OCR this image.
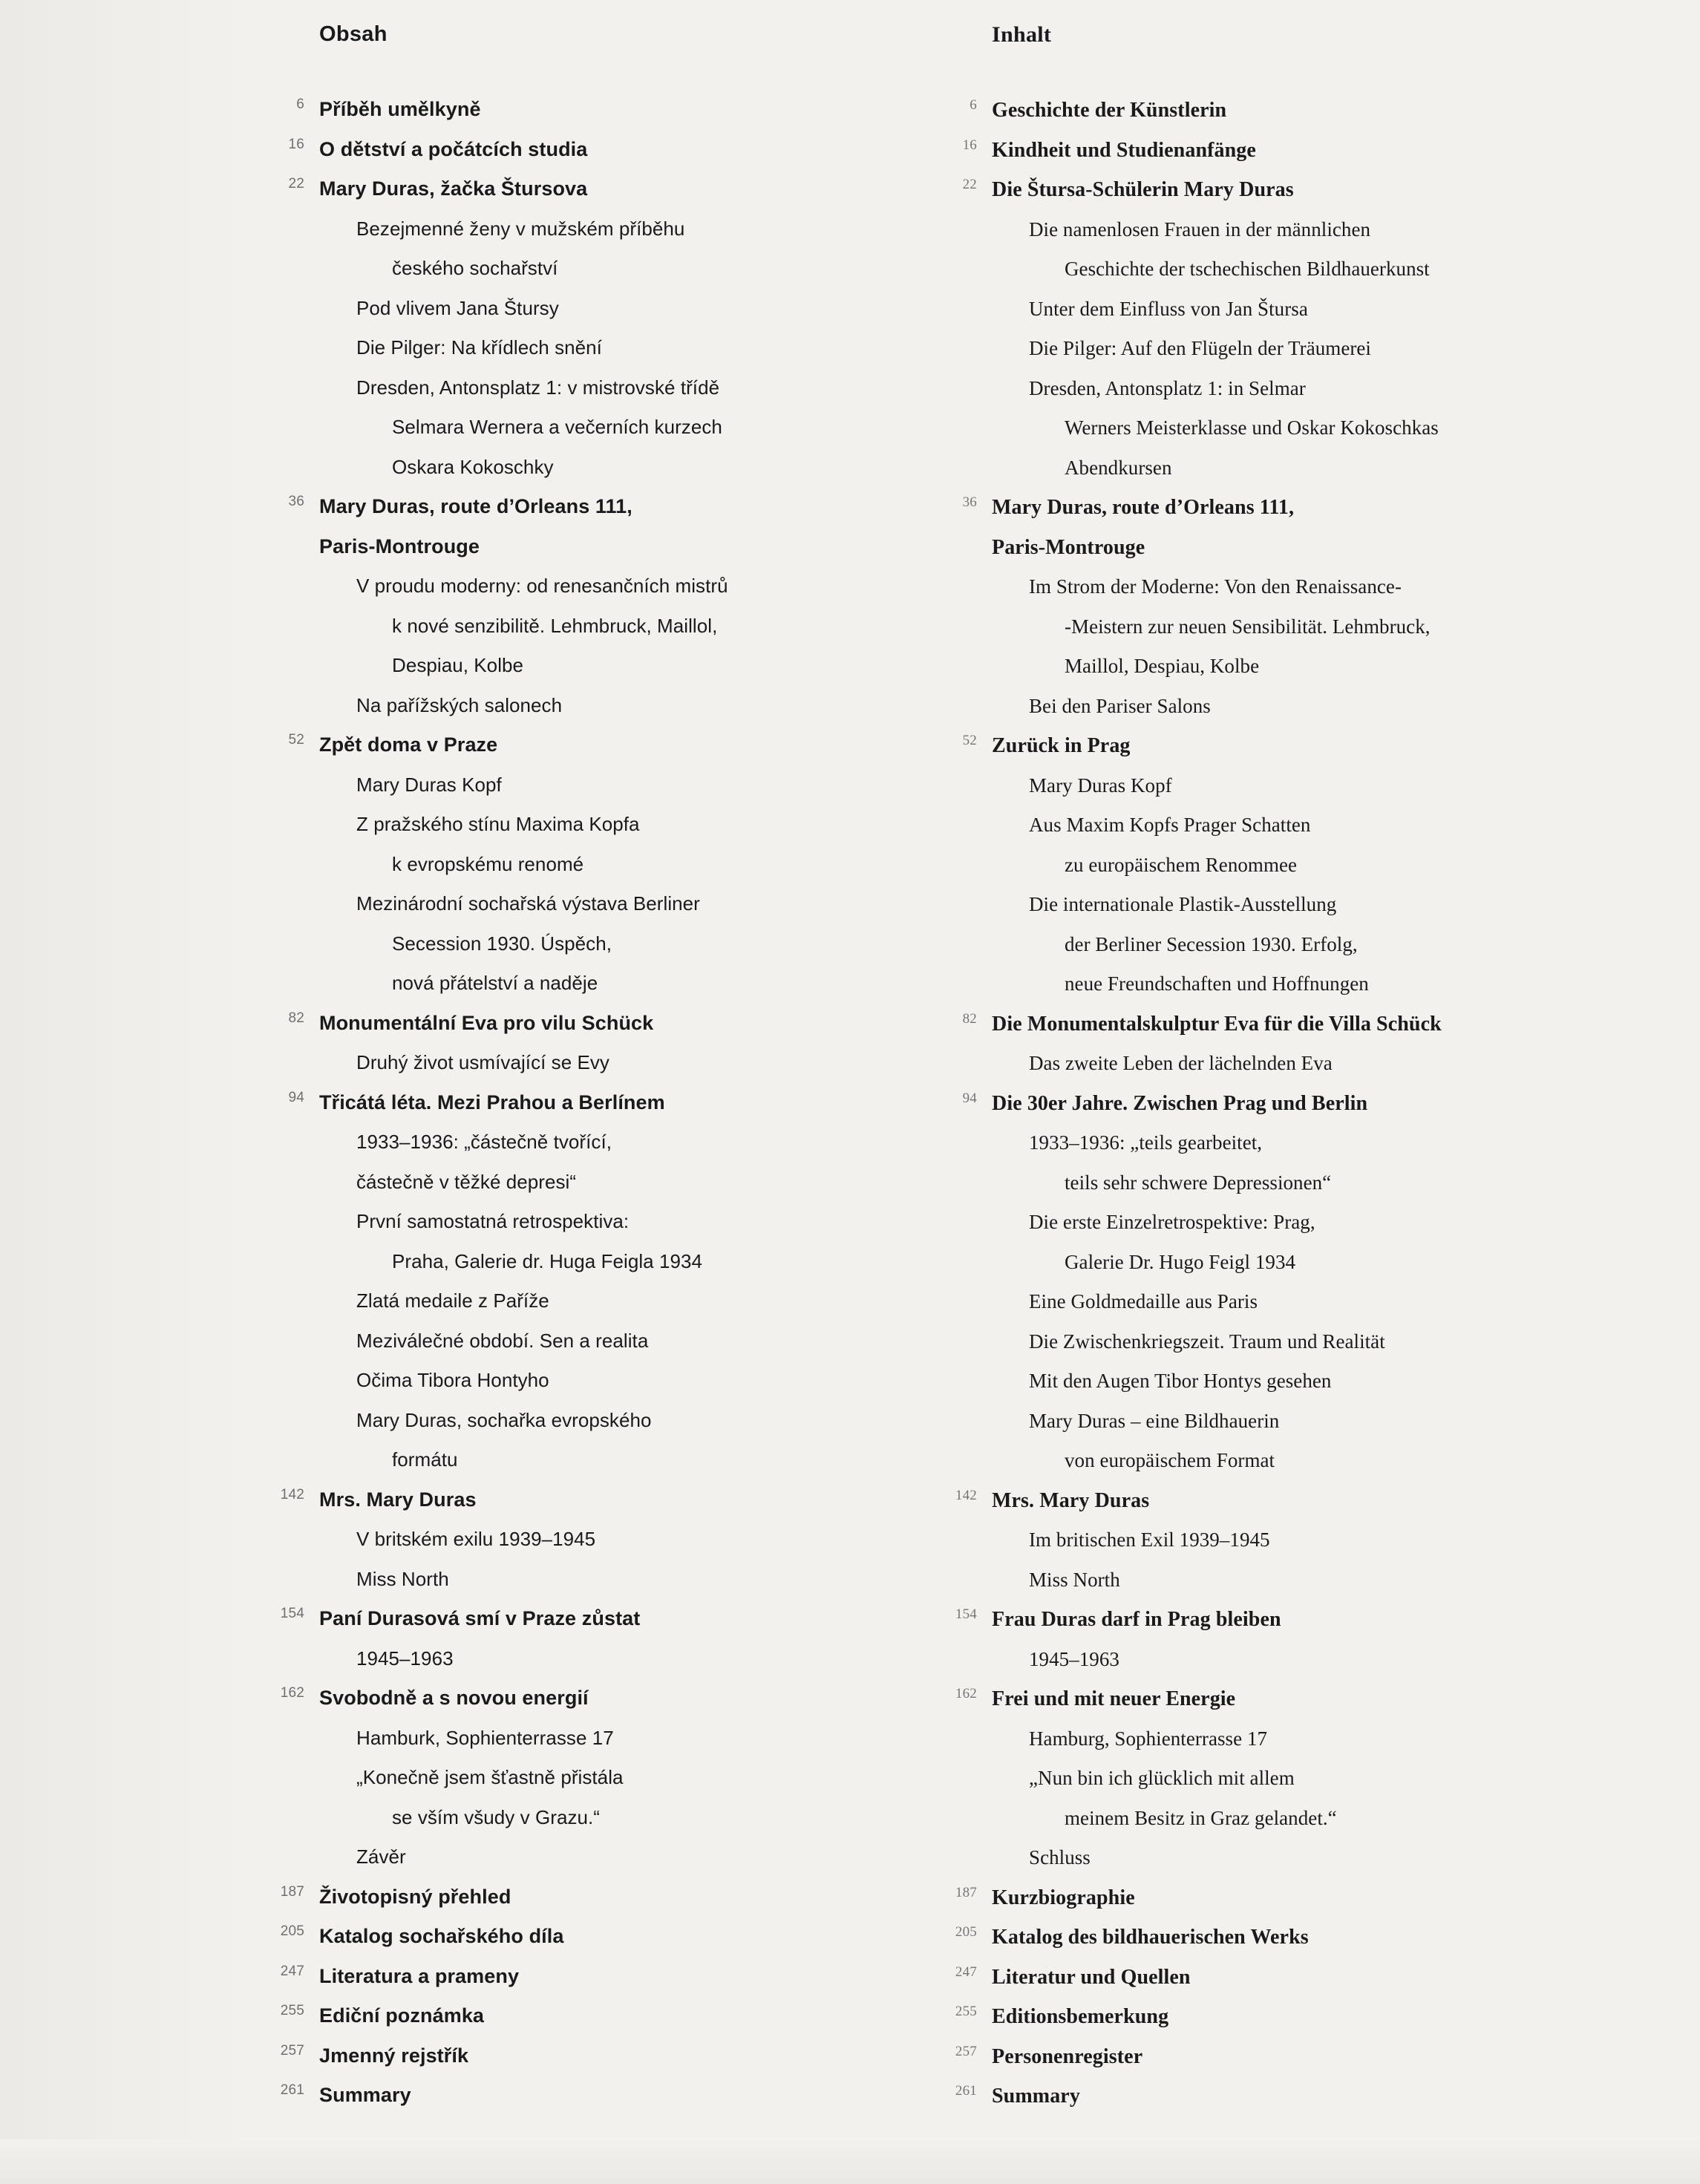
Obsah
6 Příběh umělkyně
16 O dětství a počátcích studia
22 Mary Duras, žačka Štursova
Bezejmenné ženy v mužském příběhu
českého sochařství
Pod vlivem Jana Štursy
Die Pilger: Na křídlech snění
Dresden, Antonsplatz 1: v mistrovské třídě
Selmara Wernera a večerních kurzech
Oskara Kokoschky
36 Mary Duras, route d’Orleans 111,
Paris-Montrouge
V proudu moderny: od renesančních mistrů
k nové senzibilitě. Lehmbruck, Maillol,
Despiau, Kolbe
Na pařížských salonech
52 Zpět doma v Praze
Mary Duras Kopf
Z pražského stínu Maxima Kopfa
k evropskému renomé
Mezinárodní sochařská výstava Berliner
Secession 1930. Úspěch,
nová přátelství a naděje
82 Monumentální Eva pro vilu Schück
Druhý život usmívající se Evy
94 Třicátá léta. Mezi Prahou a Berlínem
1933–1936: „částečně tvořící,
částečně v těžké depresi“
První samostatná retrospektiva:
Praha, Galerie dr. Huga Feigla 1934
Zlatá medaile z Paříže
Meziválečné období. Sen a realita
Očima Tibora Hontyho
Mary Duras, sochařka evropského
formátu
142 Mrs. Mary Duras
V britském exilu 1939–1945
Miss North
154 Paní Durasová smí v Praze zůstat
1945–1963
162 Svobodně a s novou energií
Hamburk, Sophienterrasse 17
„Konečně jsem šťastně přistála
se vším všudy v Grazu.“
Závěr
187 Životopisný přehled
205 Katalog sochařského díla
247 Literatura a prameny
255 Ediční poznámka
257 Jmenný rejstřík
261 Summary
Inhalt
6 Geschichte der Künstlerin
16 Kindheit und Studienanfänge
22 Die Štursa-Schülerin Mary Duras
Die namenlosen Frauen in der männlichen
Geschichte der tschechischen Bildhauerkunst
Unter dem Einfluss von Jan Štursa
Die Pilger: Auf den Flügeln der Träumerei
Dresden, Antonsplatz 1: in Selmar
Werners Meisterklasse und Oskar Kokoschkas
Abendkursen
36 Mary Duras, route d’Orleans 111,
Paris-Montrouge
Im Strom der Moderne: Von den Renaissance-
-Meistern zur neuen Sensibilität. Lehmbruck,
Maillol, Despiau, Kolbe
Bei den Pariser Salons
52 Zurück in Prag
Mary Duras Kopf
Aus Maxim Kopfs Prager Schatten
zu europäischem Renommee
Die internationale Plastik-Ausstellung
der Berliner Secession 1930. Erfolg,
neue Freundschaften und Hoffnungen
82 Die Monumentalskulptur Eva für die Villa Schück
Das zweite Leben der lächelnden Eva
94 Die 30er Jahre. Zwischen Prag und Berlin
1933–1936: „teils gearbeitet,
teils sehr schwere Depressionen“
Die erste Einzelretrospektive: Prag,
Galerie Dr. Hugo Feigl 1934
Eine Goldmedaille aus Paris
Die Zwischenkriegszeit. Traum und Realität
Mit den Augen Tibor Hontys gesehen
Mary Duras – eine Bildhauerin
von europäischem Format
142 Mrs. Mary Duras
Im britischen Exil 1939–1945
Miss North
154 Frau Duras darf in Prag bleiben
1945–1963
162 Frei und mit neuer Energie
Hamburg, Sophienterrasse 17
„Nun bin ich glücklich mit allem
meinem Besitz in Graz gelandet.“
Schluss
187 Kurzbiographie
205 Katalog des bildhauerischen Werks
247 Literatur und Quellen
255 Editionsbemerkung
257 Personenregister
261 Summary
